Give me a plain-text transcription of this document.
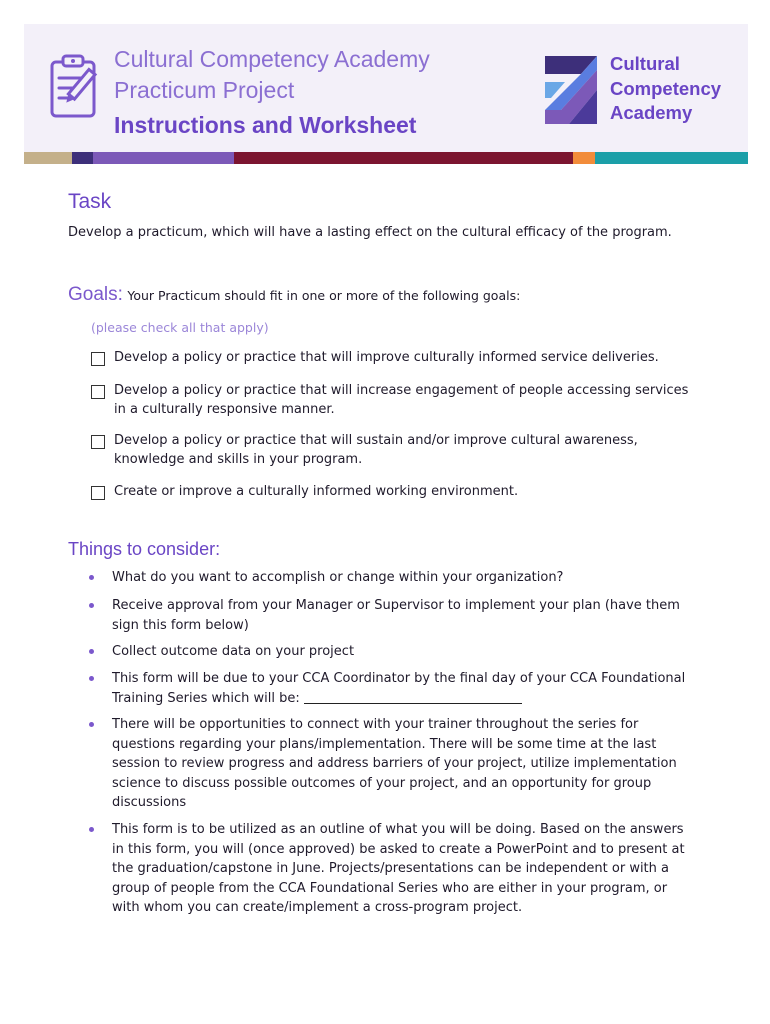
Cultural Competency Academy
Practicum Project
Instructions and Worksheet
Cultural
Competency
Academy
Task
Develop a practicum, which will have a lasting effect on the cultural efficacy of the program.
Goals: Your Practicum should fit in one or more of the following goals:
(please check all that apply)
Develop a policy or practice that will improve culturally informed service deliveries.
Develop a policy or practice that will increase engagement of people accessing services in a culturally responsive manner.
Develop a policy or practice that will sustain and/or improve cultural awareness, knowledge and skills in your program.
Create or improve a culturally informed working environment.
Things to consider:
What do you want to accomplish or change within your organization?
Receive approval from your Manager or Supervisor to implement your plan (have them sign this form below)
Collect outcome data on your project
This form will be due to your CCA Coordinator by the final day of your CCA Foundational Training Series which will be:
There will be opportunities to connect with your trainer throughout the series for questions regarding your plans/implementation. There will be some time at the last session to review progress and address barriers of your project, utilize implementation science to discuss possible outcomes of your project, and an opportunity for group discussions
This form is to be utilized as an outline of what you will be doing. Based on the answers in this form, you will (once approved) be asked to create a PowerPoint and to present at the graduation/capstone in June. Projects/presentations can be independent or with a group of people from the CCA Foundational Series who are either in your program, or with whom you can create/implement a cross-program project.
